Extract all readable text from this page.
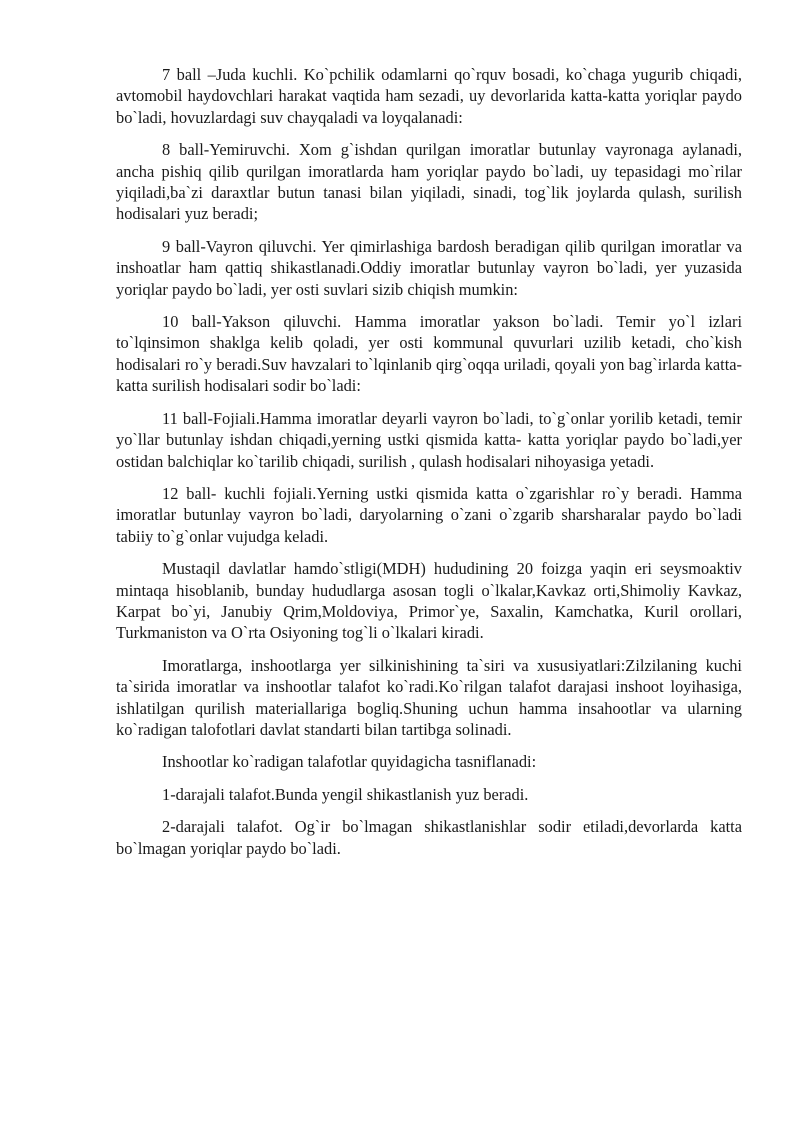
7 ball –Juda kuchli. Ko`pchilik odamlarni qo`rquv bosadi, ko`chaga yugurib chiqadi, avtomobil haydovchlari harakat vaqtida ham sezadi, uy devorlarida katta-katta yoriqlar paydo bo`ladi, hovuzlardagi suv chayqaladi va loyqalanadi:

8 ball-Yemiruvchi. Xom g`ishdan qurilgan imoratlar butunlay vayronaga aylanadi, ancha pishiq qilib qurilgan imoratlarda ham yoriqlar paydo bo`ladi, uy tepasidagi mo`rilar yiqiladi,ba`zi daraxtlar butun tanasi bilan yiqiladi, sinadi, tog`lik joylarda qulash, surilish hodisalari yuz beradi;

9 ball-Vayron qiluvchi. Yer qimirlashiga bardosh beradigan qilib qurilgan imoratlar va inshoatlar ham qattiq shikastlanadi.Oddiy imoratlar butunlay vayron bo`ladi, yer yuzasida yoriqlar paydo bo`ladi, yer osti suvlari sizib chiqish mumkin:

10 ball-Yakson qiluvchi. Hamma imoratlar yakson bo`ladi. Temir yo`l izlari to`lqinsimon shaklga kelib qoladi, yer osti kommunal quvurlari uzilib ketadi, cho`kish hodisalari ro`y beradi.Suv havzalari to`lqinlanib qirg`oqqa uriladi, qoyali yon bag`irlarda katta-katta surilish hodisalari sodir bo`ladi:

11 ball-Fojiali.Hamma imoratlar deyarli vayron bo`ladi, to`g`onlar yorilib ketadi, temir yo`llar butunlay ishdan chiqadi,yerning ustki qismida katta- katta yoriqlar paydo bo`ladi,yer ostidan balchiqlar ko`tarilib chiqadi, surilish , qulash hodisalari nihoyasiga yetadi.

12 ball- kuchli fojiali.Yerning ustki qismida katta o`zgarishlar ro`y beradi. Hamma imoratlar butunlay vayron bo`ladi, daryolarning o`zani o`zgarib sharsharalar paydo bo`ladi tabiiy to`g`onlar vujudga keladi.

Mustaqil davlatlar hamdo`stligi(MDH) hududining 20 foizga yaqin eri seysmoaktiv mintaqa hisoblanib, bunday hududlarga asosan togli o`lkalar,Kavkaz orti,Shimoliy Kavkaz, Karpat bo`yi, Janubiy Qrim,Moldoviya, Primor`ye, Saxalin, Kamchatka, Kuril orollari, Turkmaniston va O`rta Osiyoning tog`li o`lkalari kiradi.

Imoratlarga, inshootlarga yer silkinishining ta`siri va xususiyatlari:Zilzilaning kuchi ta`sirida imoratlar va inshootlar talafot ko`radi.Ko`rilgan talafot darajasi inshoot loyihasiga, ishlatilgan qurilish materiallariga bogliq.Shuning uchun hamma insahootlar va ularning ko`radigan talofotlari davlat standarti bilan tartibga solinadi.

Inshootlar ko`radigan talafotlar quyidagicha tasniflanadi:

1-darajali talafot.Bunda yengil shikastlanish yuz beradi.

2-darajali talafot. Og`ir bo`lmagan shikastlanishlar sodir etiladi,devorlarda katta bo`lmagan yoriqlar paydo bo`ladi.
